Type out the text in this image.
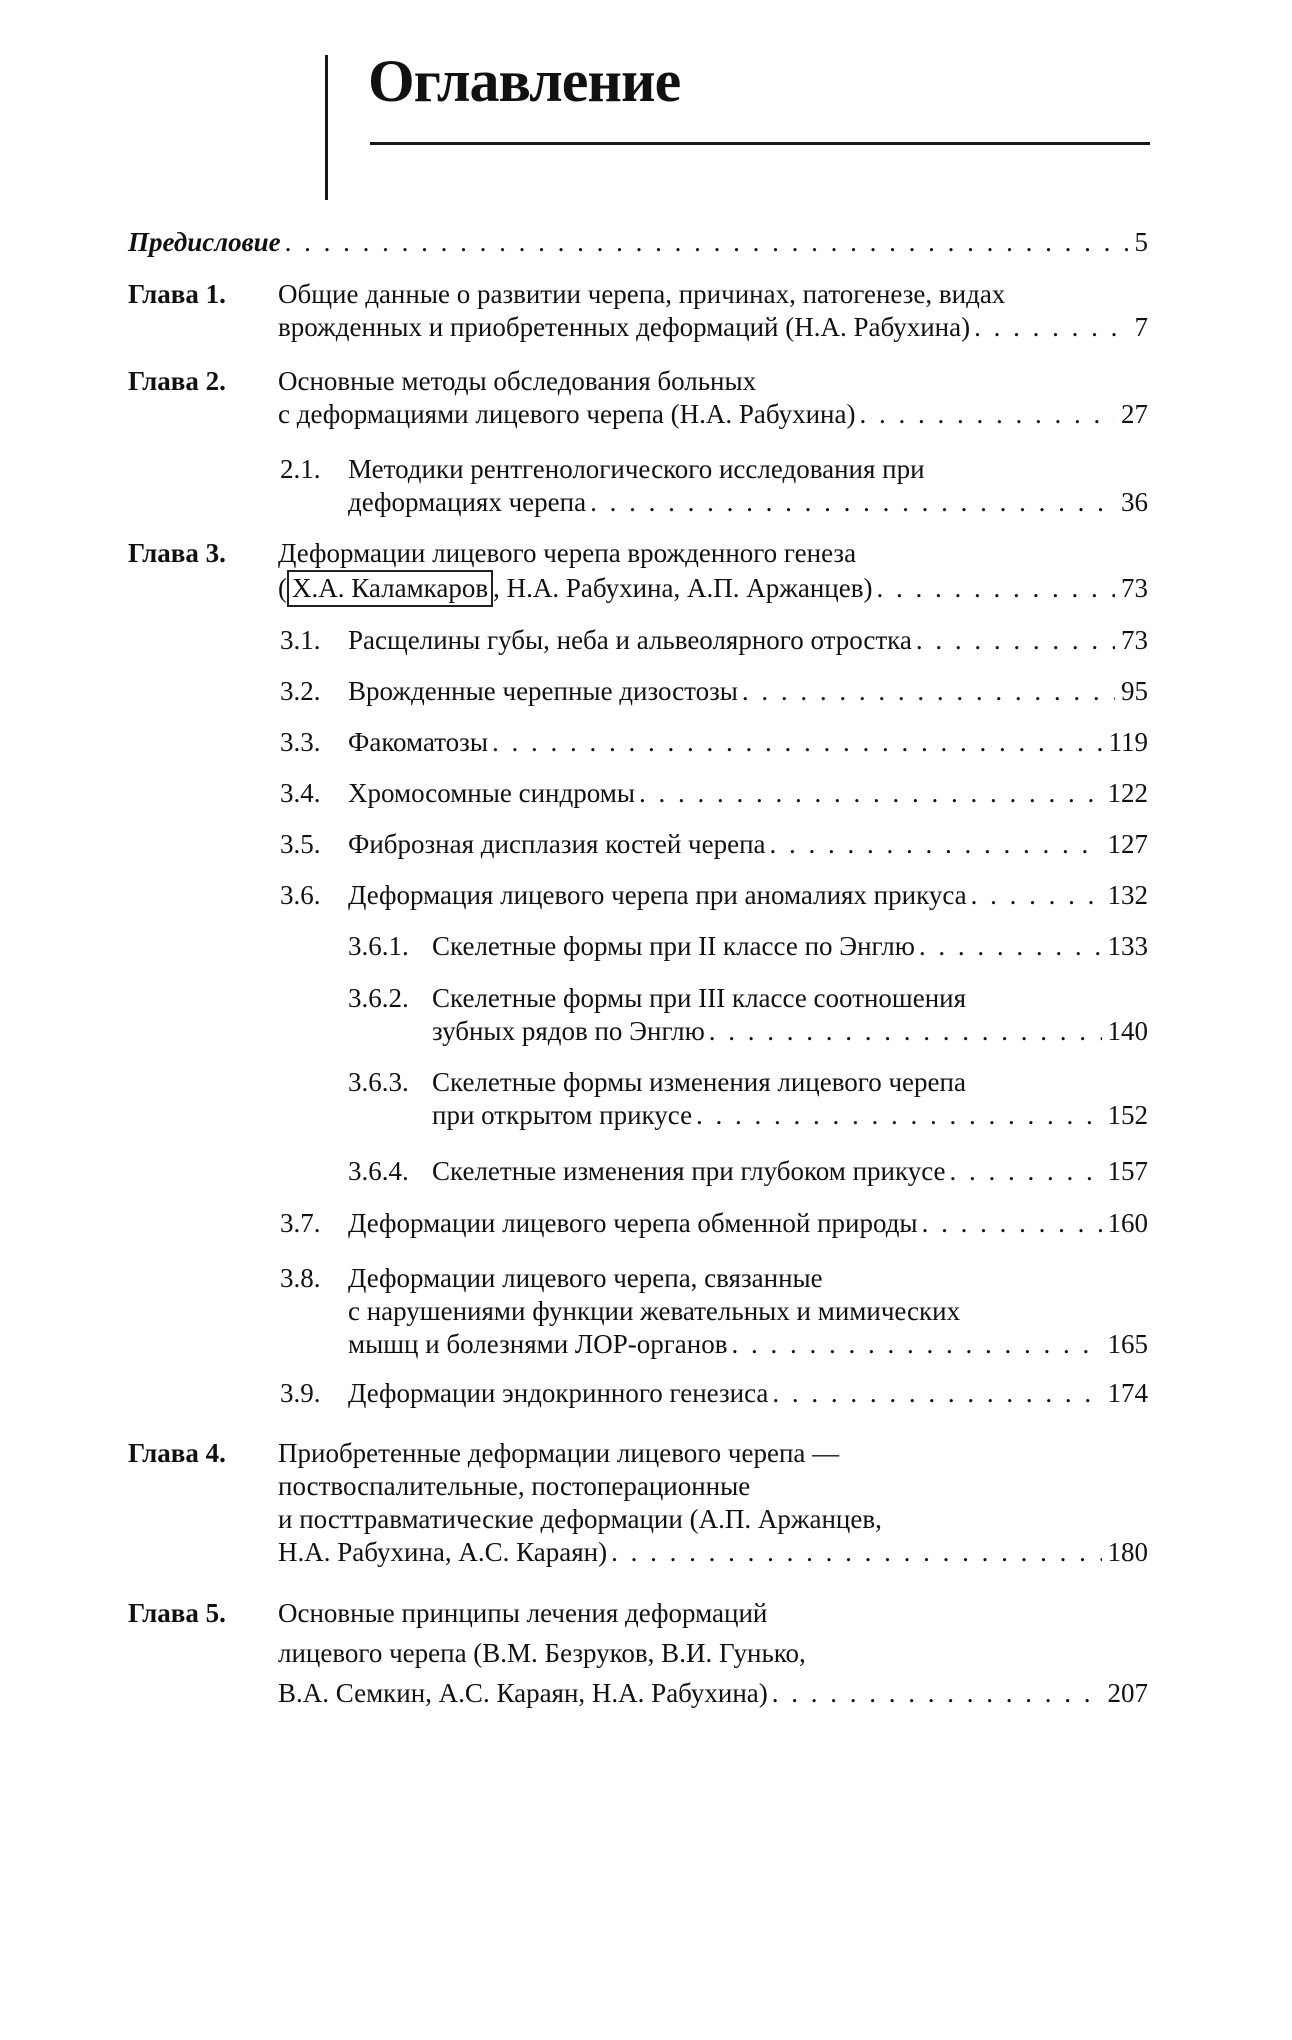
Оглавление
Предисловие . . .	5
Глава 1. Общие данные о развитии черепа, причинах, патогенезе, видах
врожденных и приобретенных деформаций (Н.А. Рабухина) . . .	7
Глава 2. Основные методы обследования больных
с деформациями лицевого черепа (Н.А. Рабухина) . . .	27
2.1. Методики рентгенологического исследования при
деформациях черепа . . .	36
Глава 3. Деформации лицевого черепа врожденного генеза
( Х.А. Каламкаров , Н.А. Рабухина, А.П. Аржанцев) . . .	73
3.1. Расщелины губы, неба и альвеолярного отростка . . .	73
3.2. Врожденные черепные дизостозы . . .	95
3.3. Факоматозы . . .	119
3.4. Хромосомные синдромы . . .	122
3.5. Фиброзная дисплазия костей черепа . . .	127
3.6. Деформация лицевого черепа при аномалиях прикуса . . .	132
3.6.1. Скелетные формы при II классе по Энглю . . .	133
3.6.2. Скелетные формы при III классе соотношения
зубных рядов по Энглю . . .	140
3.6.3. Скелетные формы изменения лицевого черепа
при открытом прикусе . . .	152
3.6.4. Скелетные изменения при глубоком прикусе . . .	157
3.7. Деформации лицевого черепа обменной природы . . .	160
3.8. Деформации лицевого черепа, связанные
с нарушениями функции жевательных и мимических
мышц и болезнями ЛОР-органов . . .	165
3.9. Деформации эндокринного генезиса . . .	174
Глава 4. Приобретенные деформации лицевого черепа —
поствоспалительные, постоперационные
и посттравматические деформации (А.П. Аржанцев,
Н.А. Рабухина, А.С. Караян) . . .	180
Глава 5. Основные принципы лечения деформаций
лицевого черепа (В.М. Безруков, В.И. Гунько,
В.А. Семкин, А.С. Караян, Н.А. Рабухина) . . .	207
